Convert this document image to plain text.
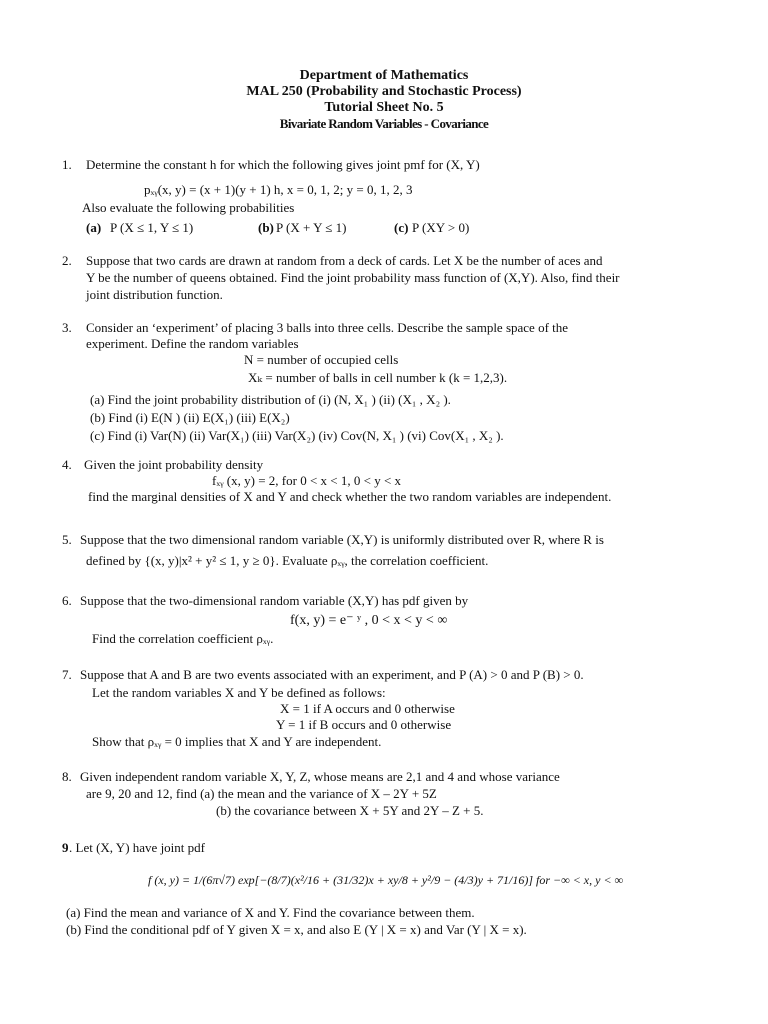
Department of Mathematics
MAL 250 (Probability and Stochastic Process)
Tutorial Sheet No. 5
Bivariate Random Variables - Covariance
1. Determine the constant h for which the following gives joint pmf for (X, Y)
pₓᵧ(x, y) = (x + 1)(y + 1) h, x = 0, 1, 2; y = 0, 1, 2, 3
Also evaluate the following probabilities
(a) P (X ≤ 1, Y ≤ 1)	(b) P (X + Y ≤ 1)	(c) P (XY > 0)
2. Suppose that two cards are drawn at random from a deck of cards. Let X be the number of aces and
Y be the number of queens obtained. Find the joint probability mass function of (X,Y). Also, find their
joint distribution function.
3. Consider an ‘experiment’ of placing 3 balls into three cells. Describe the sample space of the
experiment. Define the random variables
N = number of occupied cells
Xₖ = number of balls in cell number k (k = 1,2,3).
(a) Find the joint probability distribution of (i) (N, X₁ ) (ii) (X₁ , X₂ ).
(b) Find (i) E(N ) (ii) E(X₁) (iii) E(X₂)
(c) Find (i) Var(N) (ii) Var(X₁) (iii) Var(X₂) (iv) Cov(N, X₁ ) (vi) Cov(X₁ , X₂ ).
4. Given the joint probability density
fₓᵧ (x, y) = 2, for 0 < x < 1, 0 < y < x
find the marginal densities of X and Y and check whether the two random variables are independent.
5. Suppose that the two dimensional random variable (X,Y) is uniformly distributed over R, where R is
defined by {(x, y)|x² + y² ≤ 1, y ≥ 0}. Evaluate ρₓᵧ, the correlation coefficient.
6. Suppose that the two-dimensional random variable (X,Y) has pdf given by
f(x, y) = e⁻ ʸ , 0 < x < y < ∞
Find the correlation coefficient ρₓᵧ.
7. Suppose that A and B are two events associated with an experiment, and P (A) > 0 and P (B) > 0.
Let the random variables X and Y be defined as follows:
X = 1 if A occurs and 0 otherwise
Y = 1 if B occurs and 0 otherwise
Show that ρₓᵧ = 0 implies that X and Y are independent.
8. Given independent random variable X, Y, Z, whose means are 2,1 and 4 and whose variance
are 9, 20 and 12, find (a) the mean and the variance of X – 2Y + 5Z
(b) the covariance between X + 5Y and 2Y – Z + 5.
9 . Let (X, Y) have joint pdf
f (x, y) = 1/(6π√7) exp[−(8/7)(x²/16 + (31/32)x + xy/8 + y²/9 − (4/3)y + 71/16)] for −∞ < x, y < ∞
(a) Find the mean and variance of X and Y. Find the covariance between them.
(b) Find the conditional pdf of Y given X = x, and also E (Y | X = x) and Var (Y | X = x).
